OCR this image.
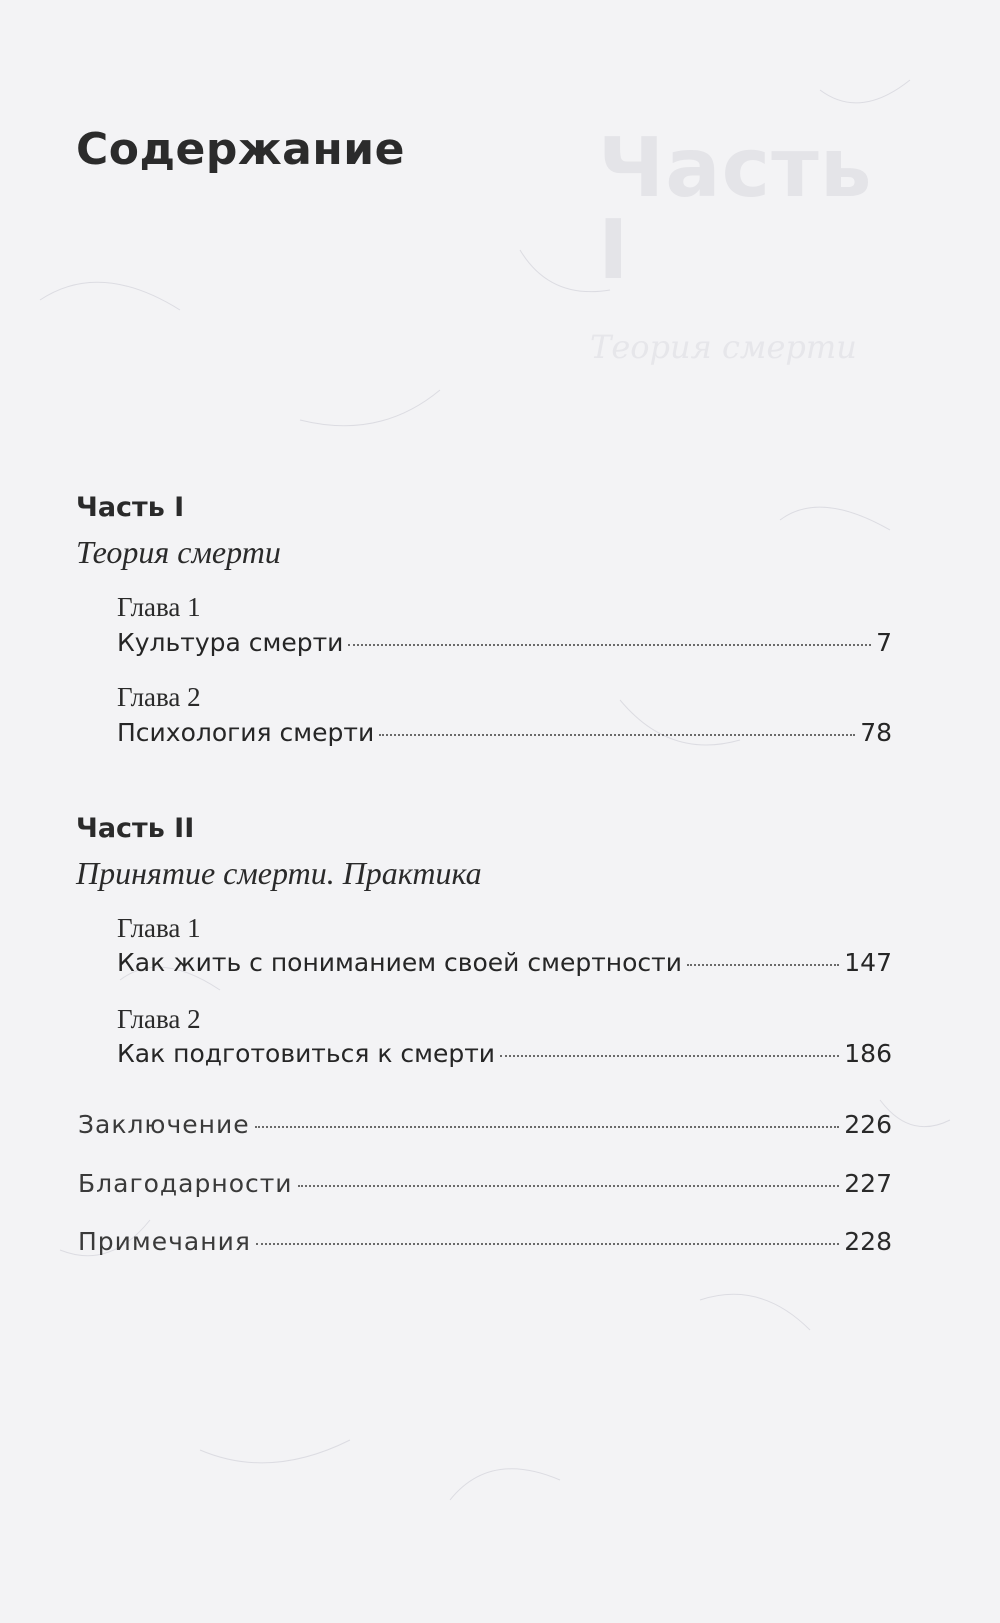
Часть I
Теория смерти
Содержание
Часть I
Теория смерти
Глава 1
Культура смерти	7
Глава 2
Психология смерти	78
Часть II
Принятие смерти. Практика
Глава 1
Как жить с пониманием своей смертности	147
Глава 2
Как подготовиться к смерти	186
Заключение	226
Благодарности	227
Примечания	228
